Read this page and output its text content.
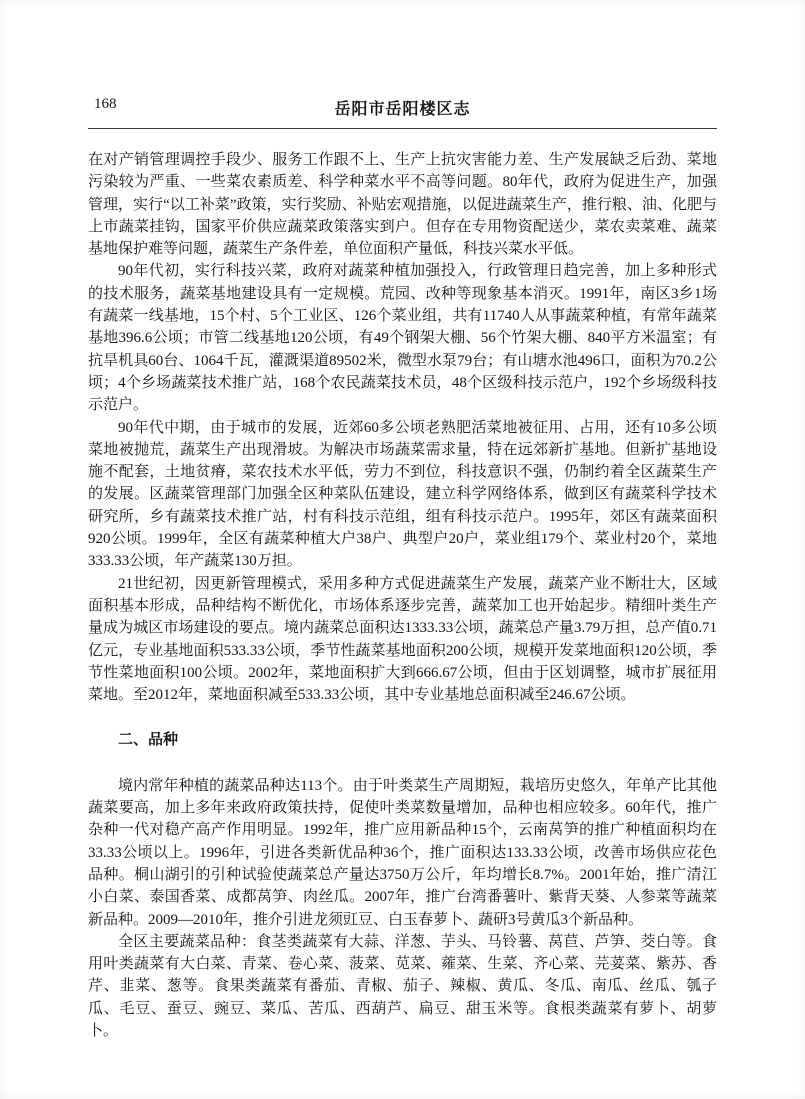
168	岳阳市岳阳楼区志

在对产销管理调控手段少、服务工作跟不上、生产上抗灾害能力差、生产发展缺乏后劲、菜地污染较为严重、一些菜农素质差、科学种菜水平不高等问题。80年代，政府为促进生产，加强管理，实行“以工补菜”政策，实行奖励、补贴宏观措施，以促进蔬菜生产，推行粮、油、化肥与上市蔬菜挂钩，国家平价供应蔬菜政策落实到户。但存在专用物资配送少，菜农卖菜难、蔬菜基地保护难等问题，蔬菜生产条件差，单位面积产量低，科技兴菜水平低。

90年代初，实行科技兴菜，政府对蔬菜种植加强投入，行政管理日趋完善，加上多种形式的技术服务，蔬菜基地建设具有一定规模。荒园、改种等现象基本消灭。1991年，南区3乡1场有蔬菜一线基地，15个村、5个工业区、126个菜业组，共有11740人从事蔬菜种植，有常年蔬菜基地396.6公顷；市管二线基地120公顷，有49个钢架大棚、56个竹架大棚、840平方米温室；有抗旱机具60台、1064千瓦，灌溉渠道89502米，微型水泵79台；有山塘水池496口，面积为70.2公顷；4个乡场蔬菜技术推广站，168个农民蔬菜技术员，48个区级科技示范户，192个乡场级科技示范户。

90年代中期，由于城市的发展，近郊60多公顷老熟肥活菜地被征用、占用，还有10多公顷菜地被抛荒，蔬菜生产出现滑坡。为解决市场蔬菜需求量，特在远郊新扩基地。但新扩基地设施不配套，土地贫瘠，菜农技术水平低，劳力不到位，科技意识不强，仍制约着全区蔬菜生产的发展。区蔬菜管理部门加强全区种菜队伍建设，建立科学网络体系，做到区有蔬菜科学技术研究所，乡有蔬菜技术推广站，村有科技示范组，组有科技示范户。1995年，郊区有蔬菜面积920公顷。1999年，全区有蔬菜种植大户38户、典型户20户，菜业组179个、菜业村20个，菜地333.33公顷，年产蔬菜130万担。

21世纪初，因更新管理模式，采用多种方式促进蔬菜生产发展，蔬菜产业不断壮大，区域面积基本形成，品种结构不断优化，市场体系逐步完善，蔬菜加工也开始起步。精细叶类生产量成为城区市场建设的要点。境内蔬菜总面积达1333.33公顷，蔬菜总产量3.79万担，总产值0.71亿元，专业基地面积533.33公顷，季节性蔬菜基地面积200公顷，规模开发菜地面积120公顷，季节性菜地面积100公顷。2002年，菜地面积扩大到666.67公顷，但由于区划调整，城市扩展征用菜地。至2012年，菜地面积减至533.33公顷，其中专业基地总面积减至246.67公顷。

二、品种

境内常年种植的蔬菜品种达113个。由于叶类菜生产周期短，栽培历史悠久，年单产比其他蔬菜要高，加上多年来政府政策扶持，促使叶类菜数量增加，品种也相应较多。60年代，推广杂种一代对稳产高产作用明显。1992年，推广应用新品种15个，云南莴笋的推广种植面积均在33.33公顷以上。1996年，引进各类新优品种36个，推广面积达133.33公顷，改善市场供应花色品种。桐山湖引的引种试验使蔬菜总产量达3750万公斤，年均增长8.7%。2001年始，推广清江小白菜、泰国香菜、成都莴笋、肉丝瓜。2007年，推广台湾番薯叶、紫背天葵、人参菜等蔬菜新品种。2009—2010年，推介引进龙须豇豆、白玉春萝卜、蔬研3号黄瓜3个新品种。

全区主要蔬菜品种：食茎类蔬菜有大蒜、洋葱、芋头、马铃薯、莴苣、芦笋、茭白等。食用叶类蔬菜有大白菜、青菜、卷心菜、菠菜、苋菜、蕹菜、生菜、齐心菜、芫荽菜、紫苏、香芹、韭菜、葱等。食果类蔬菜有番茄、青椒、茄子、辣椒、黄瓜、冬瓜、南瓜、丝瓜、瓠子瓜、毛豆、蚕豆、豌豆、菜瓜、苦瓜、西葫芦、扁豆、甜玉米等。食根类蔬菜有萝卜、胡萝卜。
